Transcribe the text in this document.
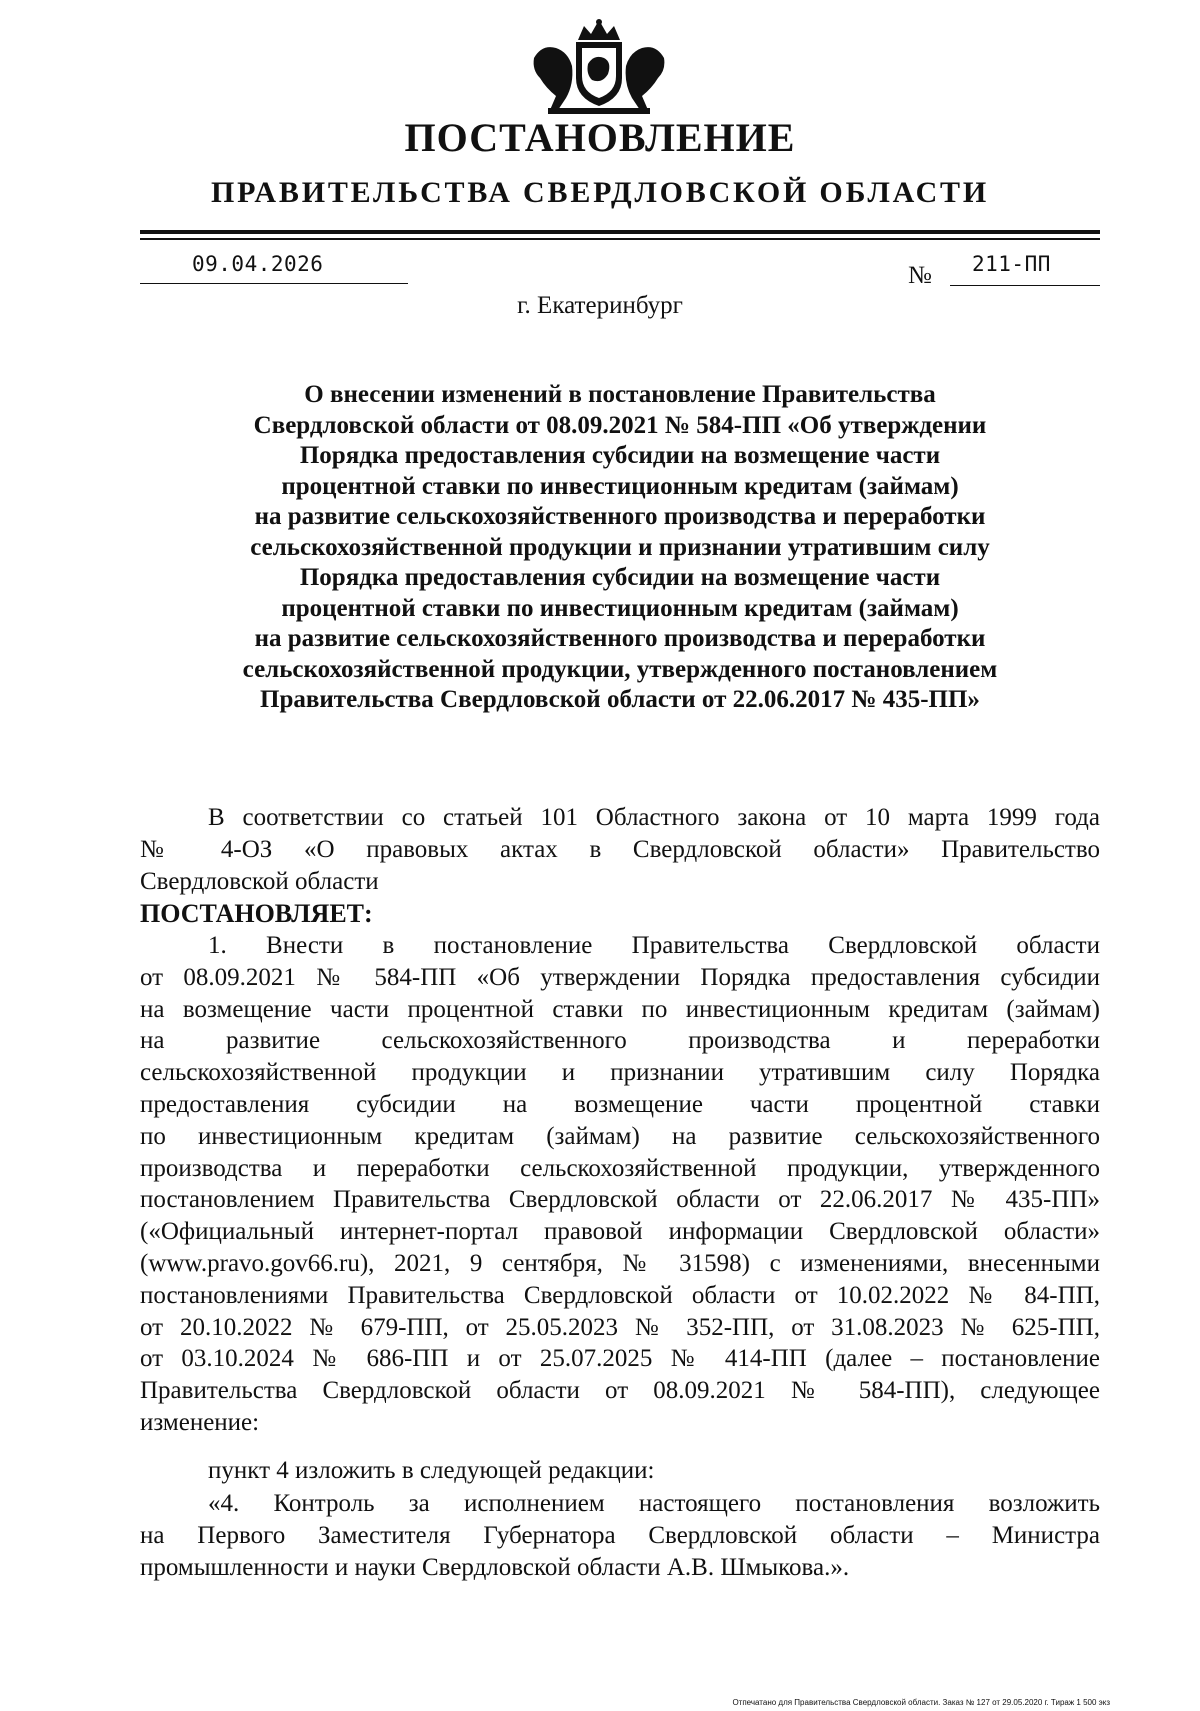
ПОСТАНОВЛЕНИЕ
ПРАВИТЕЛЬСТВА СВЕРДЛОВСКОЙ ОБЛАСТИ
09.04.2026	№ 211-ПП
г. Екатеринбург
О внесении изменений в постановление Правительства
Свердловской области от 08.09.2021 № 584-ПП «Об утверждении
Порядка предоставления субсидии на возмещение части
процентной ставки по инвестиционным кредитам (займам)
на развитие сельскохозяйственного производства и переработки
сельскохозяйственной продукции и признании утратившим силу
Порядка предоставления субсидии на возмещение части
процентной ставки по инвестиционным кредитам (займам)
на развитие сельскохозяйственного производства и переработки
сельскохозяйственной продукции, утвержденного постановлением
Правительства Свердловской области от 22.06.2017 № 435-ПП»
В соответствии со статьей 101 Областного закона от 10 марта 1999 года
№ 4-ОЗ «О правовых актах в Свердловской области» Правительство
Свердловской области
ПОСТАНОВЛЯЕТ:
1. Внести в постановление Правительства Свердловской области
от 08.09.2021 № 584-ПП «Об утверждении Порядка предоставления субсидии
на возмещение части процентной ставки по инвестиционным кредитам (займам)
на развитие сельскохозяйственного производства и переработки
сельскохозяйственной продукции и признании утратившим силу Порядка
предоставления субсидии на возмещение части процентной ставки
по инвестиционным кредитам (займам) на развитие сельскохозяйственного
производства и переработки сельскохозяйственной продукции, утвержденного
постановлением Правительства Свердловской области от 22.06.2017 № 435-ПП»
(«Официальный интернет-портал правовой информации Свердловской области»
(www.pravo.gov66.ru), 2021, 9 сентября, № 31598) с изменениями, внесенными
постановлениями Правительства Свердловской области от 10.02.2022 № 84-ПП,
от 20.10.2022 № 679-ПП, от 25.05.2023 № 352-ПП, от 31.08.2023 № 625-ПП,
от 03.10.2024 № 686-ПП и от 25.07.2025 № 414-ПП (далее – постановление
Правительства Свердловской области от 08.09.2021 № 584-ПП), следующее
изменение:
пункт 4 изложить в следующей редакции:
«4. Контроль за исполнением настоящего постановления возложить
на Первого Заместителя Губернатора Свердловской области – Министра
промышленности и науки Свердловской области А.В. Шмыкова.».
Отпечатано для Правительства Свердловской области. Заказ № 127 от 29.05.2020 г. Тираж 1 500 экз
